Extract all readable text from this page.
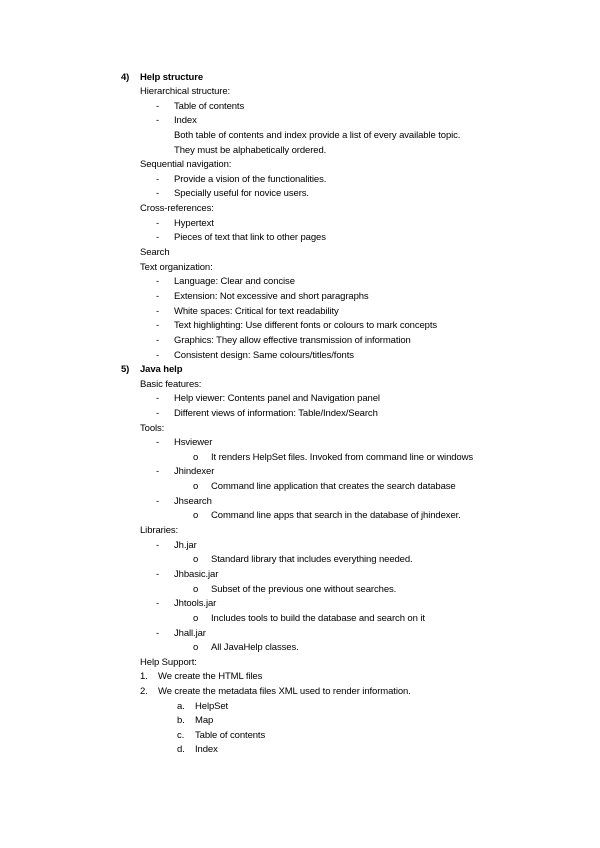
4) Help structure
Hierarchical structure:
- Table of contents
- Index
Both table of contents and index provide a list of every available topic.
They must be alphabetically ordered.
Sequential navigation:
- Provide a vision of the functionalities.
- Specially useful for novice users.
Cross-references:
- Hypertext
- Pieces of text that link to other pages
Search
Text organization:
- Language: Clear and concise
- Extension: Not excessive and short paragraphs
- White spaces: Critical for text readability
- Text highlighting: Use different fonts or colours to mark concepts
- Graphics: They allow effective transmission of information
- Consistent design: Same colours/titles/fonts
5) Java help
Basic features:
- Help viewer: Contents panel and Navigation panel
- Different views of information: Table/Index/Search
Tools:
- Hsviewer
o It renders HelpSet files. Invoked from command line or windows
- Jhindexer
o Command line application that creates the search database
- Jhsearch
o Command line apps that search in the database of jhindexer.
Libraries:
- Jh.jar
o Standard library that includes everything needed.
- Jhbasic.jar
o Subset of the previous one without searches.
- Jhtools.jar
o Includes tools to build the database and search on it
- Jhall.jar
o All JavaHelp classes.
Help Support:
1. We create the HTML files
2. We create the metadata files XML used to render information.
a. HelpSet
b. Map
c. Table of contents
d. Index
